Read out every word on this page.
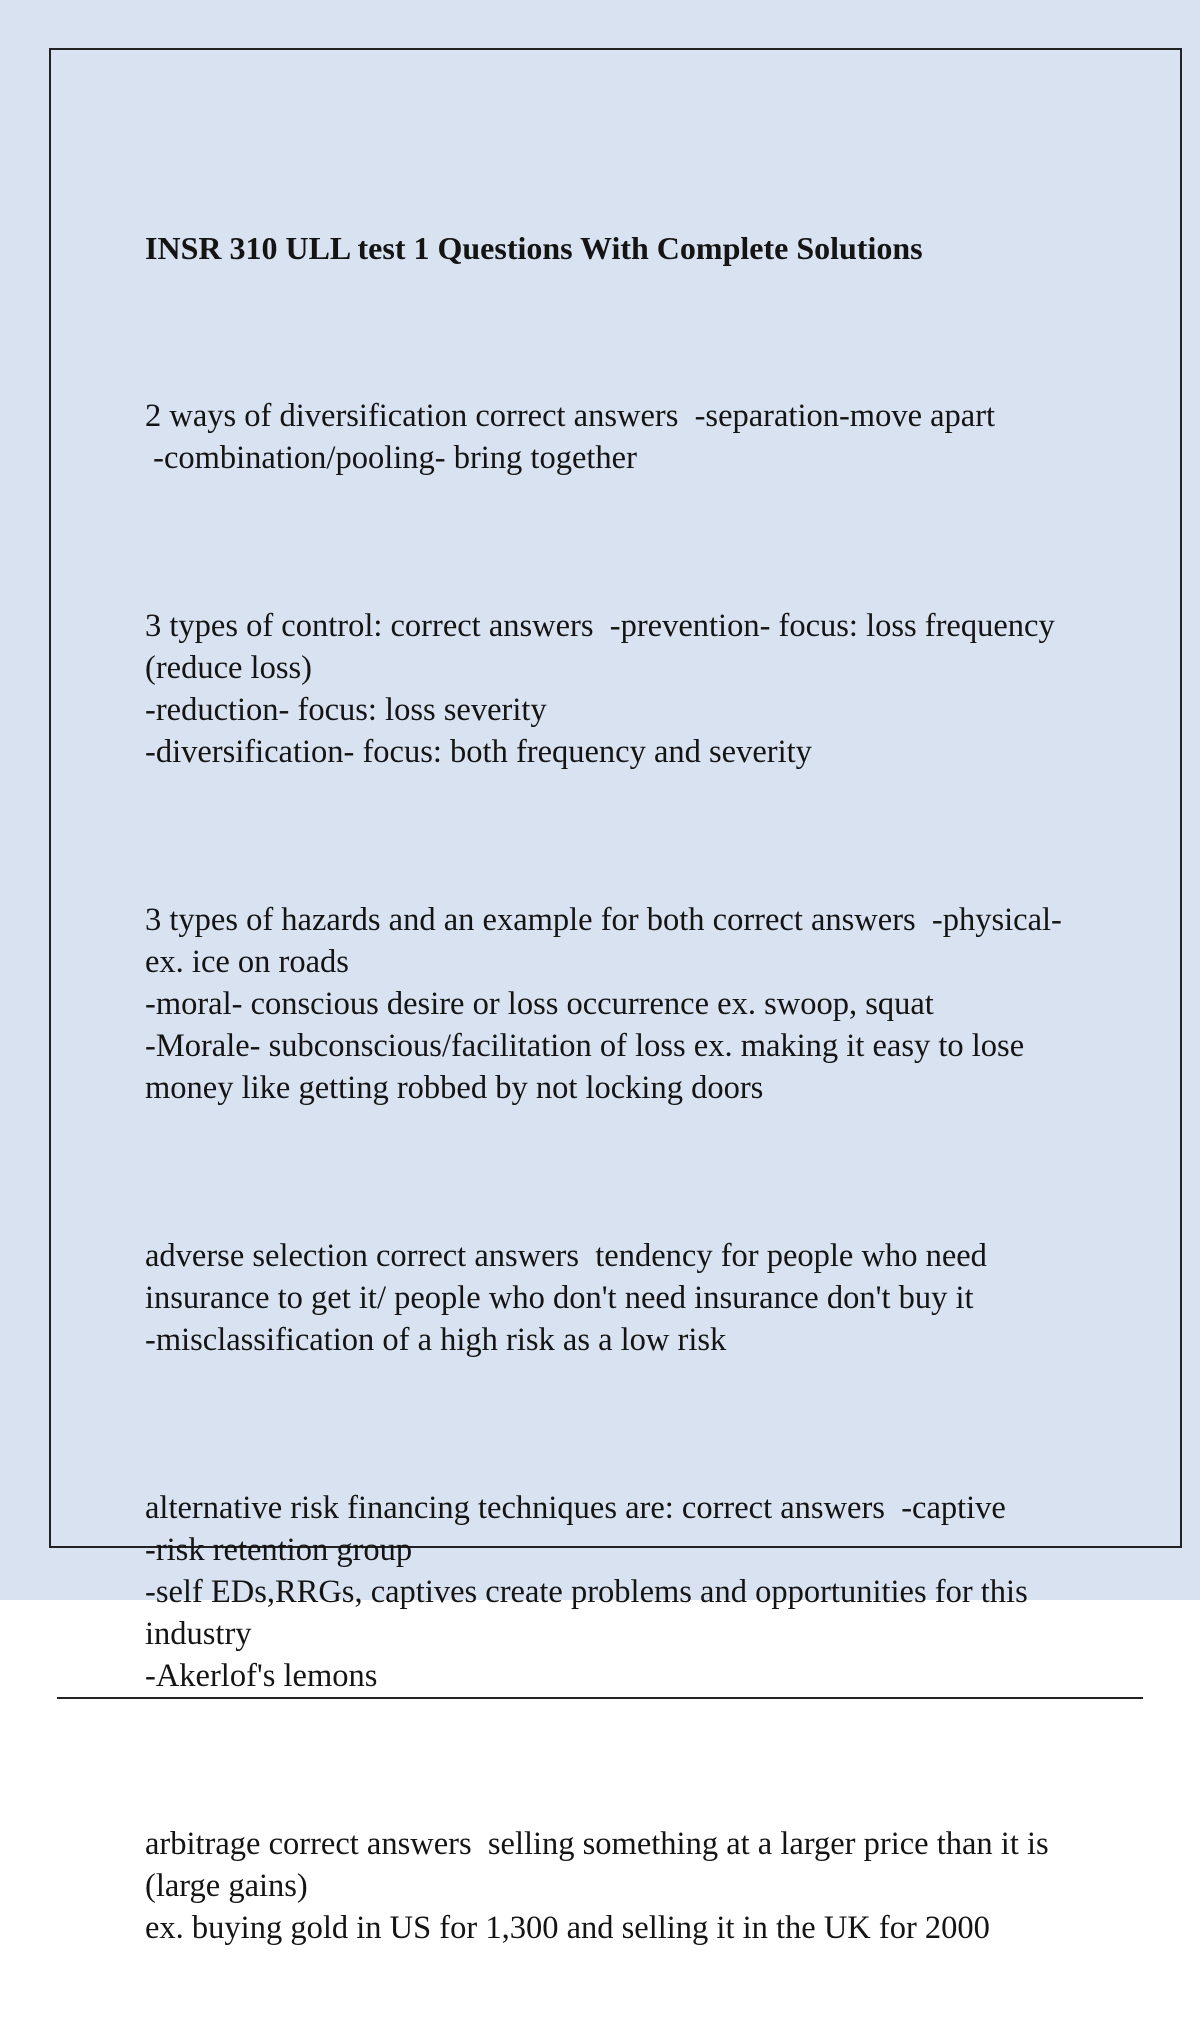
INSR 310 ULL test 1 Questions With Complete Solutions

2 ways of diversification correct answers  -separation-move apart
-combination/pooling- bring together

3 types of control: correct answers  -prevention- focus: loss frequency (reduce loss)
-reduction- focus: loss severity
-diversification- focus: both frequency and severity

3 types of hazards and an example for both correct answers  -physical- ex. ice on roads
-moral- conscious desire or loss occurrence ex. swoop, squat
-Morale- subconscious/facilitation of loss ex. making it easy to lose money like getting robbed by not locking doors

adverse selection correct answers  tendency for people who need insurance to get it/ people who don't need insurance don't buy it
-misclassification of a high risk as a low risk

alternative risk financing techniques are: correct answers  -captive
-risk retention group
-self EDs,RRGs, captives create problems and opportunities for this industry
-Akerlof's lemons

arbitrage correct answers  selling something at a larger price than it is (large gains)
ex. buying gold in US for 1,300 and selling it in the UK for 2000
